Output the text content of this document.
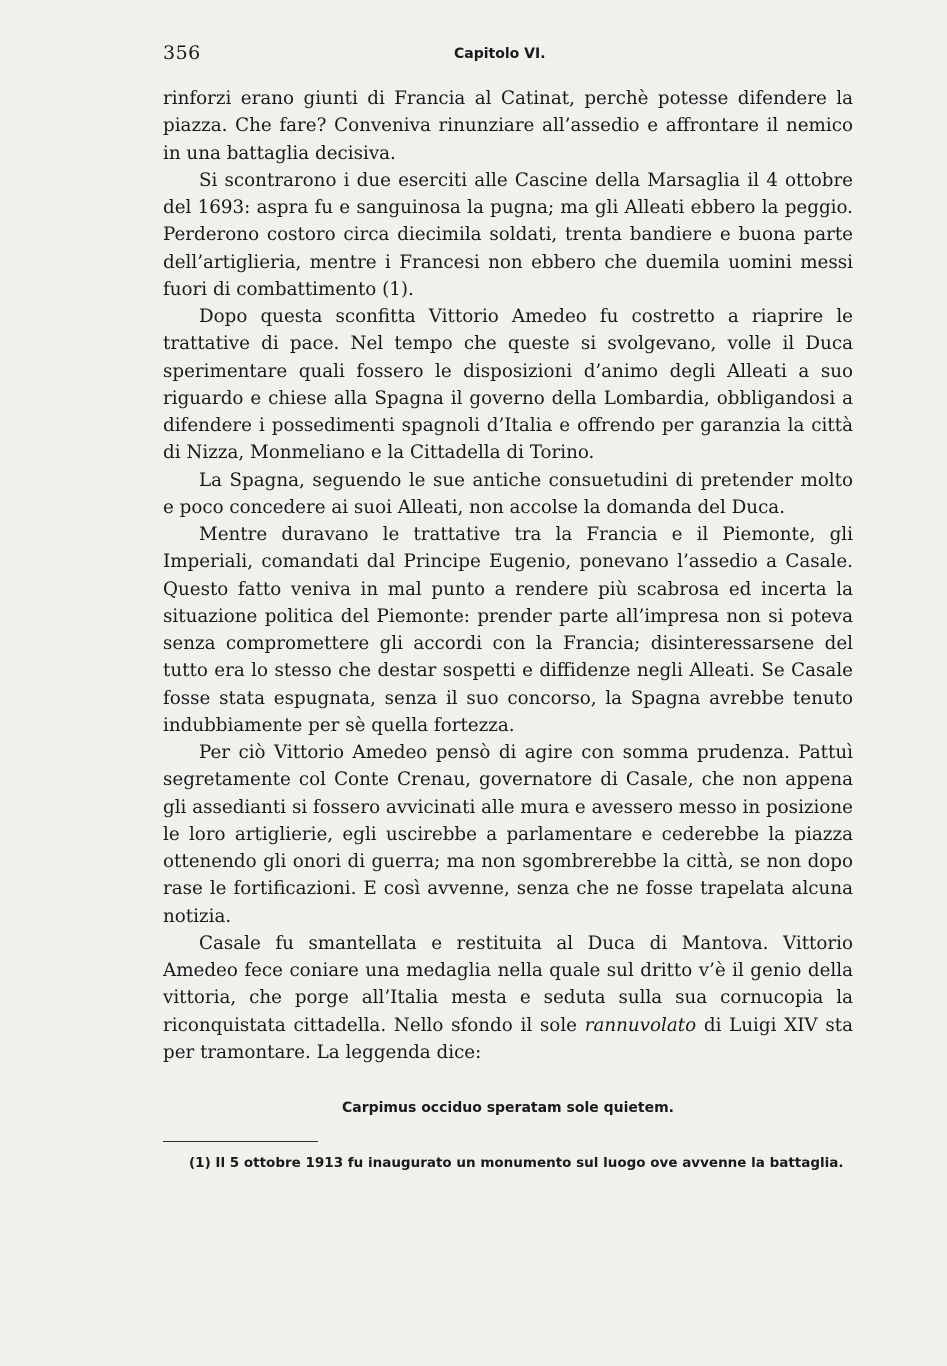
356	Capitolo VI.

rinforzi erano giunti di Francia al Catinat, perchè potesse difendere la piazza. Che fare? Conveniva rinunziare all’assedio e affrontare il nemico in una battaglia decisiva.

Si scontrarono i due eserciti alle Cascine della Marsaglia il 4 ottobre del 1693: aspra fu e sanguinosa la pugna; ma gli Alleati ebbero la peggio. Perderono costoro circa diecimila soldati, trenta bandiere e buona parte dell’artiglieria, mentre i Francesi non ebbero che duemila uomini messi fuori di combattimento (1).

Dopo questa sconfitta Vittorio Amedeo fu costretto a riaprire le trattative di pace. Nel tempo che queste si svolgevano, volle il Duca sperimentare quali fossero le disposizioni d’animo degli Alleati a suo riguardo e chiese alla Spagna il governo della Lombardia, obbligandosi a difendere i possedimenti spagnoli d’Italia e offrendo per garanzia la città di Nizza, Monmeliano e la Cittadella di Torino.

La Spagna, seguendo le sue antiche consuetudini di pretender molto e poco concedere ai suoi Alleati, non accolse la domanda del Duca.

Mentre duravano le trattative tra la Francia e il Piemonte, gli Imperiali, comandati dal Principe Eugenio, ponevano l’assedio a Casale. Questo fatto veniva in mal punto a rendere più scabrosa ed incerta la situazione politica del Piemonte: prender parte all’impresa non si poteva senza compromettere gli accordi con la Francia; disinteressarsene del tutto era lo stesso che destar sospetti e diffidenze negli Alleati. Se Casale fosse stata espugnata, senza il suo concorso, la Spagna avrebbe tenuto indubbiamente per sè quella fortezza.

Per ciò Vittorio Amedeo pensò di agire con somma prudenza. Pattuì segretamente col Conte Crenau, governatore di Casale, che non appena gli assedianti si fossero avvicinati alle mura e avessero messo in posizione le loro artiglierie, egli uscirebbe a parlamentare e cederebbe la piazza ottenendo gli onori di guerra; ma non sgombrerebbe la città, se non dopo rase le fortificazioni. E così avvenne, senza che ne fosse trapelata alcuna notizia.

Casale fu smantellata e restituita al Duca di Mantova. Vittorio Amedeo fece coniare una medaglia nella quale sul dritto v’è il genio della vittoria, che porge all’Italia mesta e seduta sulla sua cornucopia la riconquistata cittadella. Nello sfondo il sole rannuvolato di Luigi XIV sta per tramontare. La leggenda dice:

Carpimus occiduo speratam sole quietem.
(1) Il 5 ottobre 1913 fu inaugurato un monumento sul luogo ove avvenne la battaglia.
